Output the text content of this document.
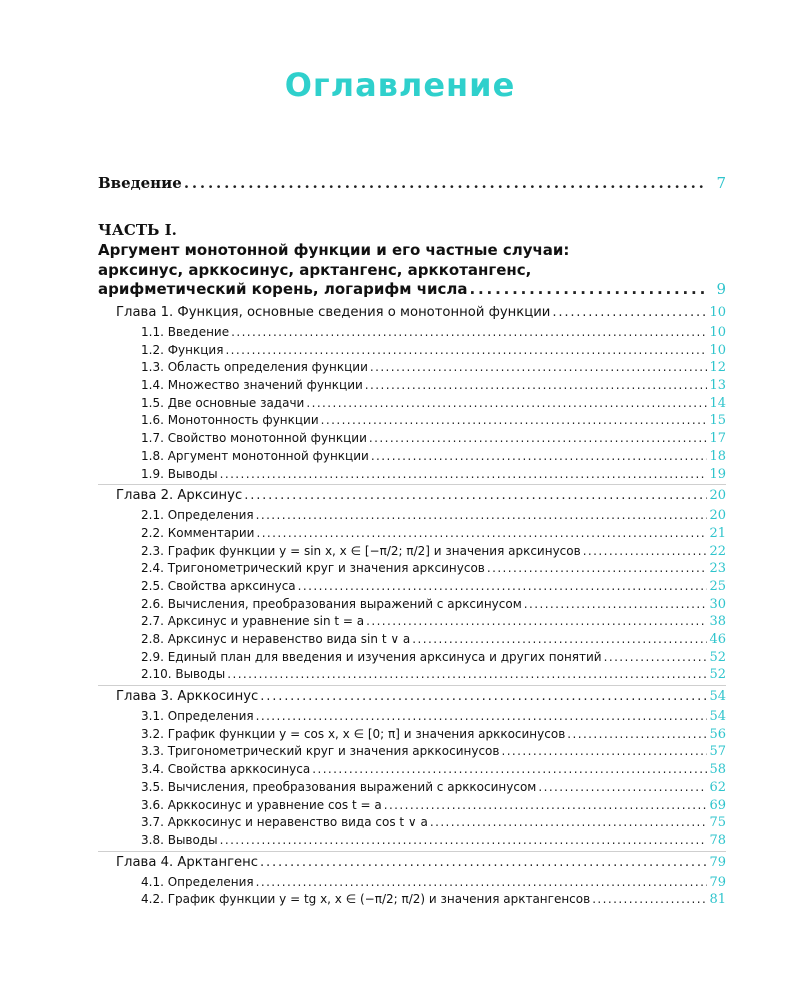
Оглавление
Введение . . .	7
ЧАСТЬ I.
Аргумент монотонной функции и его частные случаи:
арксинус, арккосинус, арктангенс, арккотангенс,
арифметический корень, логарифм числа . . .	9
Глава 1. Функция, основные сведения о монотонной функции . . .	10
1.1. Введение . . .	10
1.2. Функция . . .	10
1.3. Область определения функции . . .	12
1.4. Множество значений функции . . .	13
1.5. Две основные задачи . . .	14
1.6. Монотонность функции . . .	15
1.7. Свойство монотонной функции . . .	17
1.8. Аргумент монотонной функции . . .	18
1.9. Выводы . . .	19
Глава 2. Арксинус . . .	20
2.1. Определения . . .	20
2.2. Комментарии . . .	21
2.3. График функции y = sin x, x ∈ [−π/2; π/2] и значения арксинусов . . .	22
2.4. Тригонометрический круг и значения арксинусов . . .	23
2.5. Свойства арксинуса . . .	25
2.6. Вычисления, преобразования выражений с арксинусом . . .	30
2.7. Арксинус и уравнение sin t = a . . .	38
2.8. Арксинус и неравенство вида sin t ∨ a . . .	46
2.9. Единый план для введения и изучения арксинуса и других понятий . . .	52
2.10. Выводы . . .	52
Глава 3. Арккосинус . . .	54
3.1. Определения . . .	54
3.2. График функции y = cos x, x ∈ [0; π] и значения арккосинусов . . .	56
3.3. Тригонометрический круг и значения арккосинусов . . .	57
3.4. Свойства арккосинуса . . .	58
3.5. Вычисления, преобразования выражений с арккосинусом . . .	62
3.6. Арккосинус и уравнение cos t = a . . .	69
3.7. Арккосинус и неравенство вида cos t ∨ a . . .	75
3.8. Выводы . . .	78
Глава 4. Арктангенс . . .	79
4.1. Определения . . .	79
4.2. График функции y = tg x, x ∈ (−π/2; π/2) и значения арктангенсов . . .	81
